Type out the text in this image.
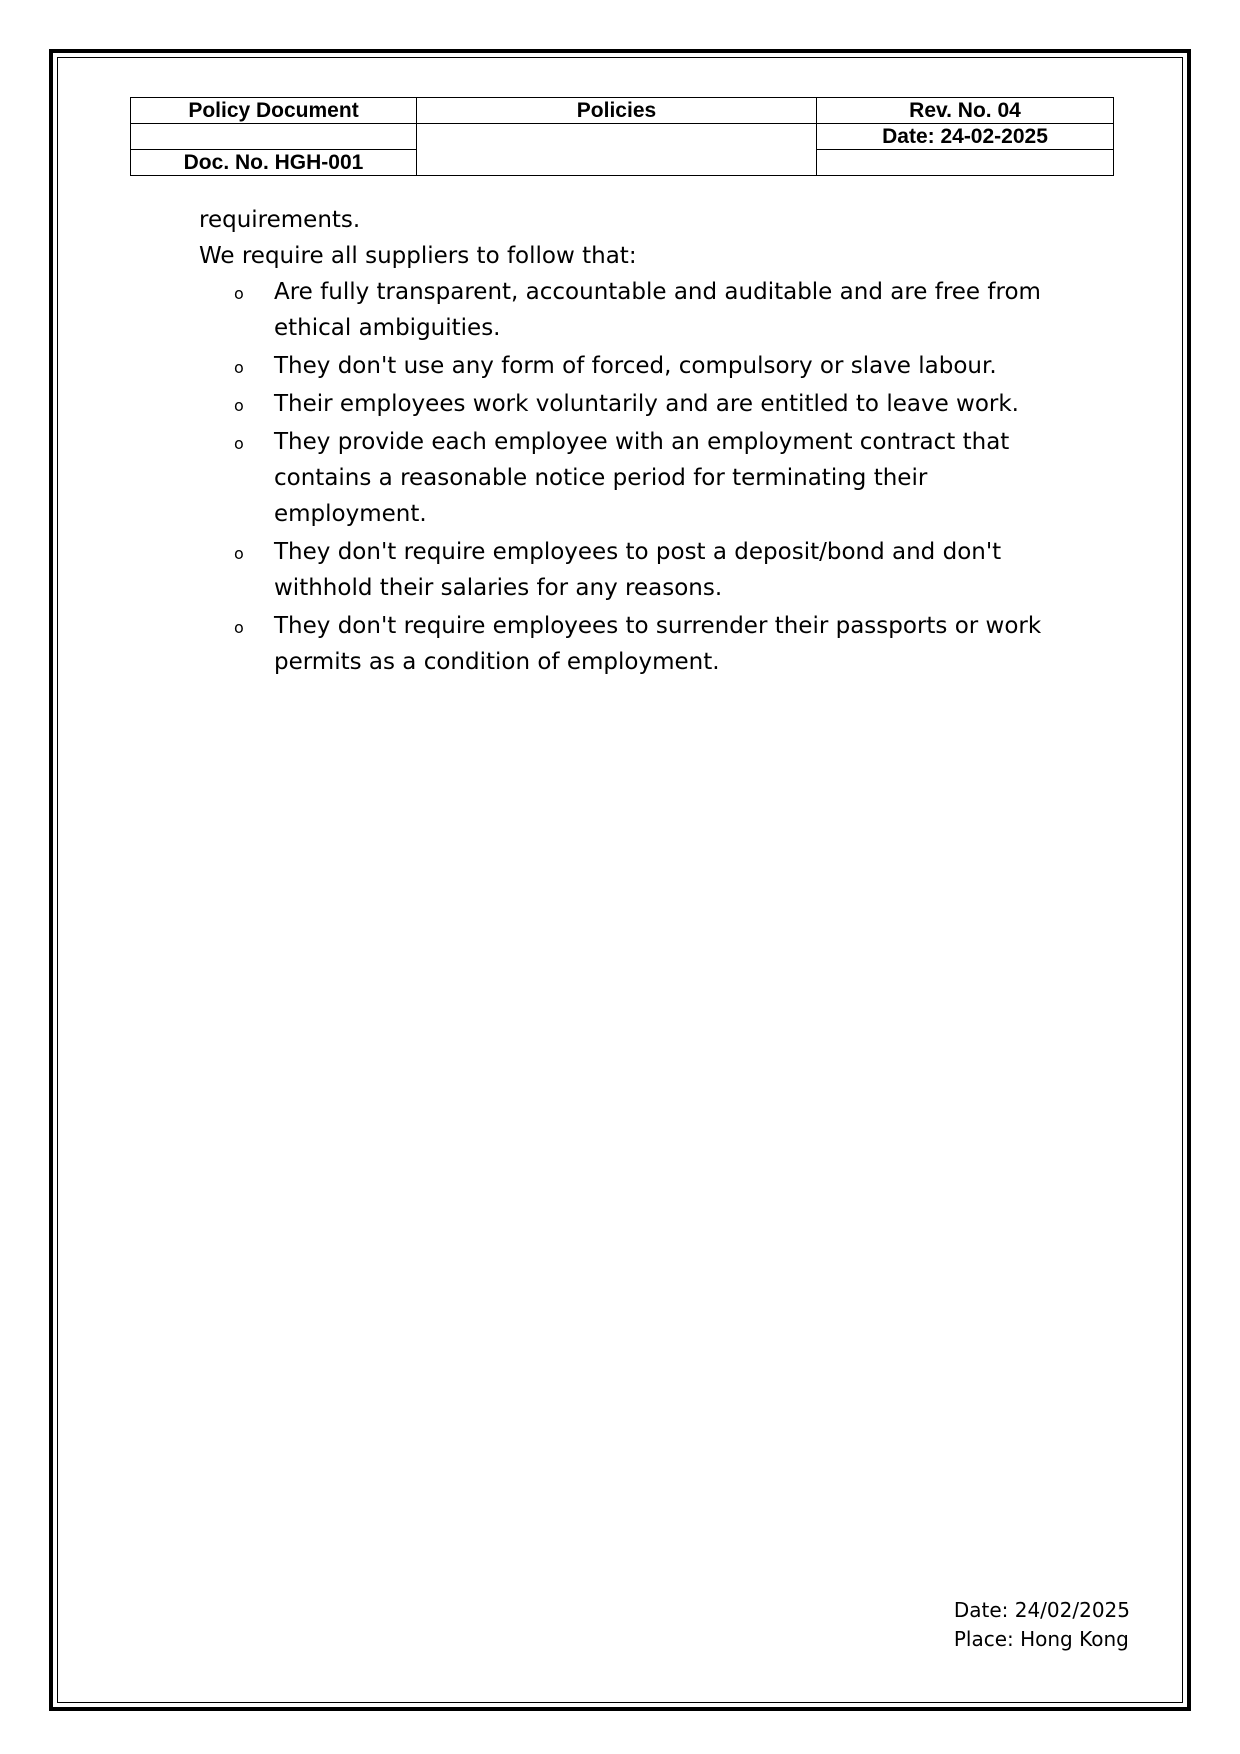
Policy Document	Policies	Rev. No. 04
		Date: 24-02-2025
Doc. No. HGH-001		

requirements.

We require all suppliers to follow that:

o Are fully transparent, accountable and auditable and are free from ethical ambiguities.
o They don't use any form of forced, compulsory or slave labour.
o Their employees work voluntarily and are entitled to leave work.
o They provide each employee with an employment contract that contains a reasonable notice period for terminating their employment.
o They don't require employees to post a deposit/bond and don't withhold their salaries for any reasons.
o They don't require employees to surrender their passports or work permits as a condition of employment.
Date: 24/02/2025
Place: Hong Kong
